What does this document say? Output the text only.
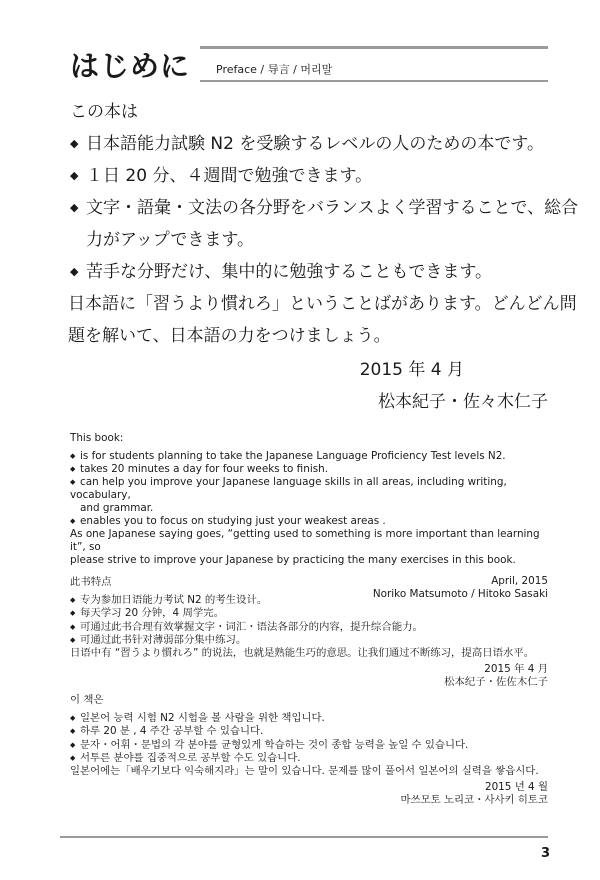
はじめに Preface / 导言 / 머리말
この本は
◆ 日本語能力試験 N2 を受験するレベルの人のための本です。
◆ １日 20 分、４週間で勉強できます。
◆ 文字・語彙・文法の各分野をバランスよく学習することで、総合
力がアップできます。
◆ 苦手な分野だけ、集中的に勉強することもできます。
日本語に「習うより慣れろ」ということばがあります。どんどん問
題を解いて、日本語の力をつけましょう。
2015 年 4 月
松本紀子・佐々木仁子
This book:
◆ is for students planning to take the Japanese Language Proficiency Test levels N2.
◆ takes 20 minutes a day for four weeks to finish.
◆ can help you improve your Japanese language skills in all areas, including writing, vocabulary,
and grammar.
◆ enables you to focus on studying just your weakest areas .
As one Japanese saying goes, “getting used to something is more important than learning it”, so
please strive to improve your Japanese by practicing the many exercises in this book.
April, 2015
Noriko Matsumoto / Hitoko Sasaki
此书特点
◆ 专为参加日语能力考试 N2 的考生设计。
◆ 每天学习 20 分钟，4 周学完。
◆ 可通过此书合理有效掌握文字・词汇・语法各部分的内容，提升综合能力。
◆ 可通过此书针对薄弱部分集中练习。
日语中有 “習うより慣れろ” 的说法，也就是熟能生巧的意思。让我们通过不断练习，提高日语水平。
2015 年 4 月
松本纪子・佐佐木仁子
이 책은
◆ 일본어 능력 시험 N2 시험을 볼 사람을 위한 책입니다.
◆ 하루 20 분 , 4 주간 공부할 수 있습니다.
◆ 문자・어휘・문법의 각 분야를 균형있게 학습하는 것이 종합 능력을 높일 수 있습니다.
◆ 서투른 분야를 집중적으로 공부할 수도 있습니다.
일본어에는「배우기보다 익숙해지라」는 말이 있습니다. 문제를 많이 풀어서 일본어의 실력을 쌓읍시다.
2015 년 4 월
마쓰모토 노리코・사사키 히토코
3
